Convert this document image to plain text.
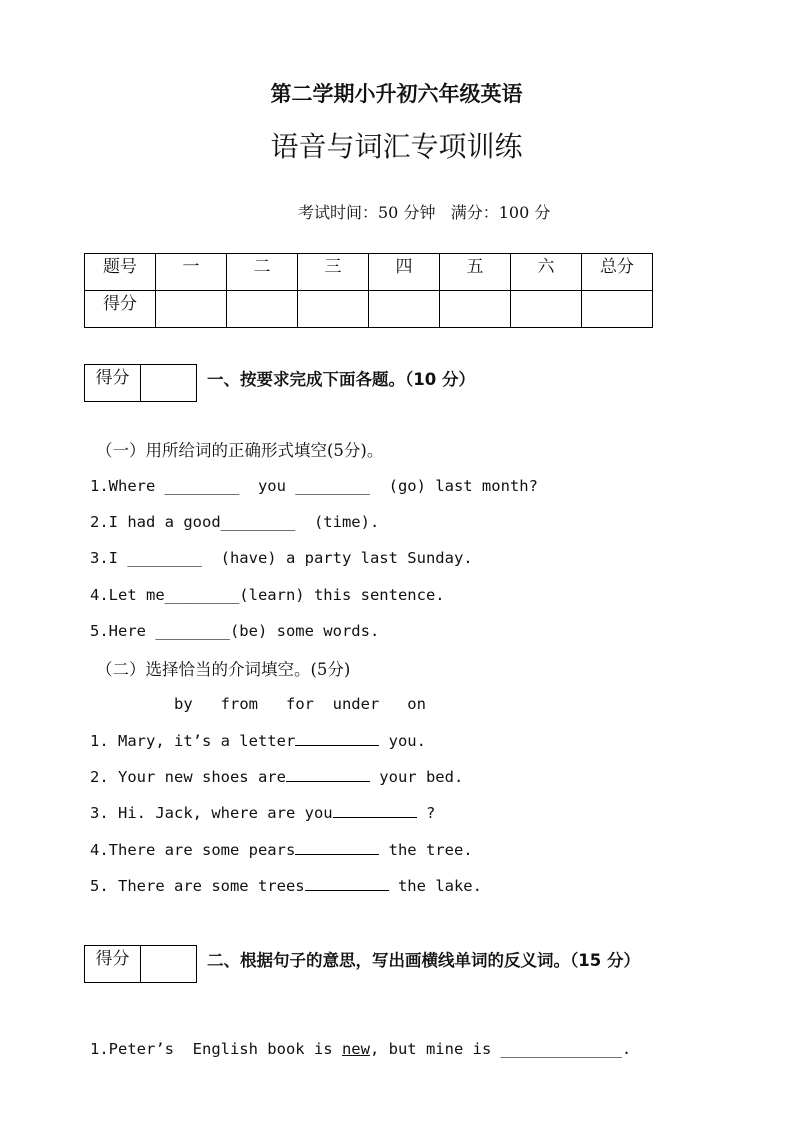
第二学期小升初六年级英语
语音与词汇专项训练
考试时间：50 分钟   满分：100 分
题号	一	二	三	四	五	六	总分
得分							
得分	一、按要求完成下面各题。（10 分）
（一）用所给词的正确形式填空(5分)。
1.Where ________  you ________  (go) last month?
2.I had a good________  (time).
3.I ________  (have) a party last Sunday.
4.Let me________(learn) this sentence.
5.Here ________(be) some words.
（二）选择恰当的介词填空。(5分)
by   from   for  under   on
1. Mary, it’s a letter	you.
2. Your new shoes are	your bed.
3. Hi. Jack, where are you	?
4.There are some pears	the tree.
5. There are some trees	the lake.
得分	二、根据句子的意思，写出画横线单词的反义词。（15 分）
1.Peter’s  English book is new, but mine is _____________.
